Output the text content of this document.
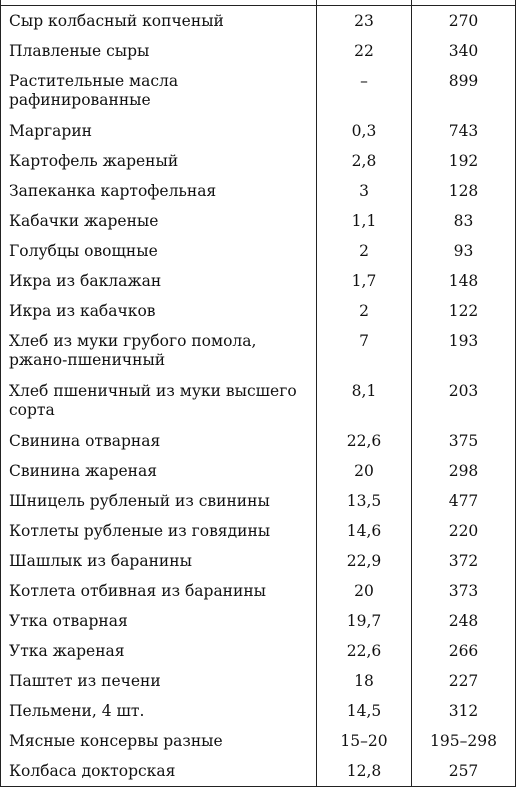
Сыр колбасный копченый	23	270
Плавленые сыры	22	340
Растительные масла рафинированные	–	899
Маргарин	0,3	743
Картофель жареный	2,8	192
Запеканка картофельная	3	128
Кабачки жареные	1,1	83
Голубцы овощные	2	93
Икра из баклажан	1,7	148
Икра из кабачков	2	122
Хлеб из муки грубого помола, ржано-пшеничный	7	193
Хлеб пшеничный из муки высшего сорта	8,1	203
Свинина отварная	22,6	375
Свинина жареная	20	298
Шницель рубленый из свинины	13,5	477
Котлеты рубленые из говядины	14,6	220
Шашлык из баранины	22,9	372
Котлета отбивная из баранины	20	373
Утка отварная	19,7	248
Утка жареная	22,6	266
Паштет из печени	18	227
Пельмени, 4 шт.	14,5	312
Мясные консервы разные	15–20	195–298
Колбаса докторская	12,8	257
